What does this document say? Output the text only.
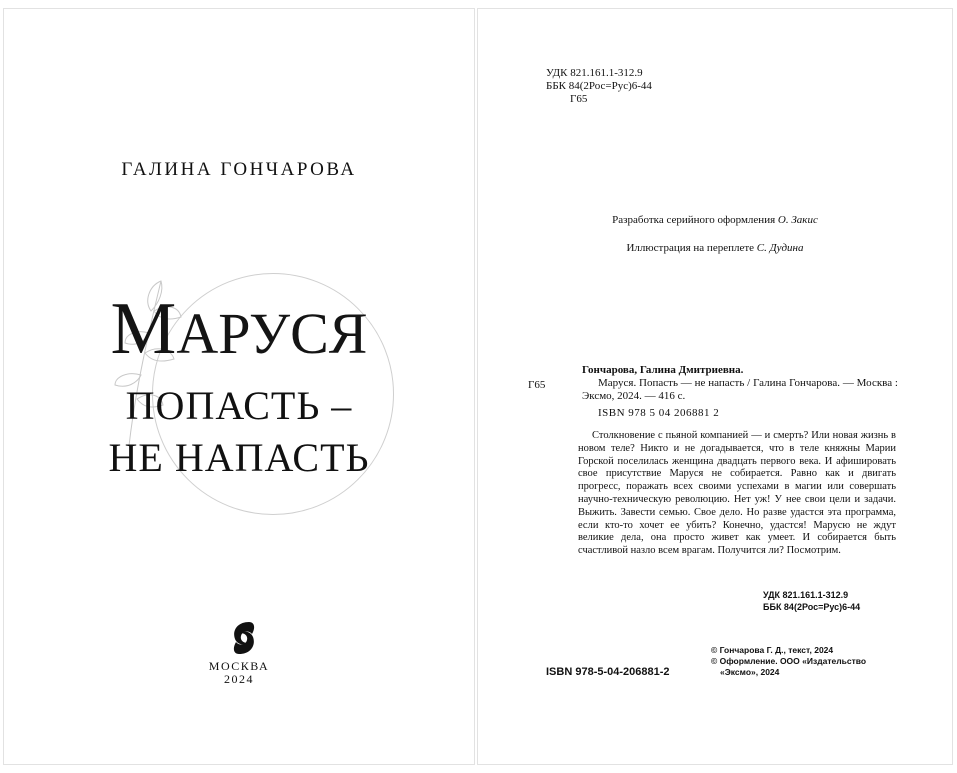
ГАЛИНА ГОНЧАРОВА
МАРУСЯ
ПОПАСТЬ –
НЕ НАПАСТЬ
МОСКВА
2024
УДК 821.161.1-312.9
ББК 84(2Рос=Рус)6-44
Г65
Разработка серийного оформления О. Закис
Иллюстрация на переплете С. Дудина
Г65
Гончарова, Галина Дмитриевна.

Маруся. Попасть — не напасть / Галина Гончарова. — Москва : Эксмо, 2024. — 416 с.

ISBN 978 5 04 206881 2
Столкновение с пьяной компанией — и смерть? Или новая жизнь в новом теле? Никто и не догадывается, что в теле княжны Марии Горской поселилась женщина двадцать первого века. И афишировать свое присутствие Маруся не собирается. Равно как и двигать прогресс, поражать всех своими успехами в магии или совершать научно-техническую революцию. Нет уж! У нее свои цели и задачи. Выжить. Завести семью. Свое дело. Но разве удастся эта программа, если кто-то хочет ее убить? Конечно, удастся! Марусю не ждут великие дела, она просто живет как умеет. И собирается быть счастливой назло всем врагам. Получится ли? Посмотрим.
УДК 821.161.1-312.9
ББК 84(2Рос=Рус)6-44
ISBN 978-5-04-206881-2
© Гончарова Г. Д., текст, 2024
© Оформление. ООО «Издательство
«Эксмо», 2024
